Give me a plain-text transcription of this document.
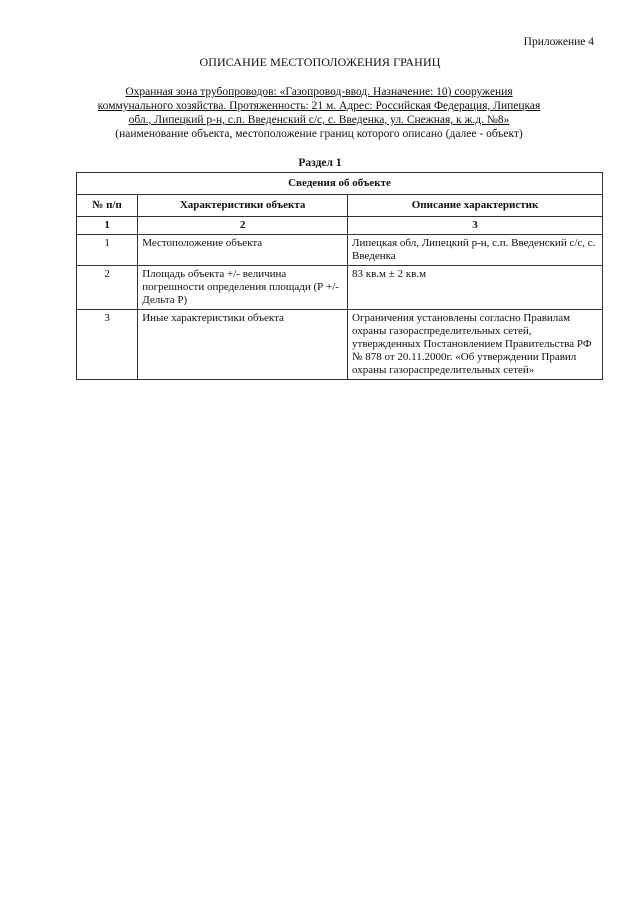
Приложение 4
ОПИСАНИЕ МЕСТОПОЛОЖЕНИЯ ГРАНИЦ
Охранная зона трубопроводов: «Газопровод-ввод. Назначение: 10) сооружения
коммунального хозяйства. Протяженность: 21 м. Адрес: Российская Федерация, Липецкая
обл., Липецкий р-н, с.п. Введенский с/с, с. Введенка, ул. Снежная, к ж.д. №8»
(наименование объекта, местоположение границ которого описано (далее - объект)
Раздел 1
Сведения об объекте		
№ п/п	Характеристики объекта	Описание характеристик
1	2	3
1	Местоположение объекта	Липецкая обл, Липецкий р-н, с.п. Введенский с/с, с. Введенка
2	Площадь объекта +/- величина погрешности определения площади (Р +/- Дельта Р)	83 кв.м ± 2 кв.м
3	Иные характеристики объекта	Ограничения установлены согласно Правилам охраны газораспределительных сетей, утвержденных Постановлением Правительства РФ № 878 от 20.11.2000г. «Об утверждении Правил охраны газораспределительных сетей»
